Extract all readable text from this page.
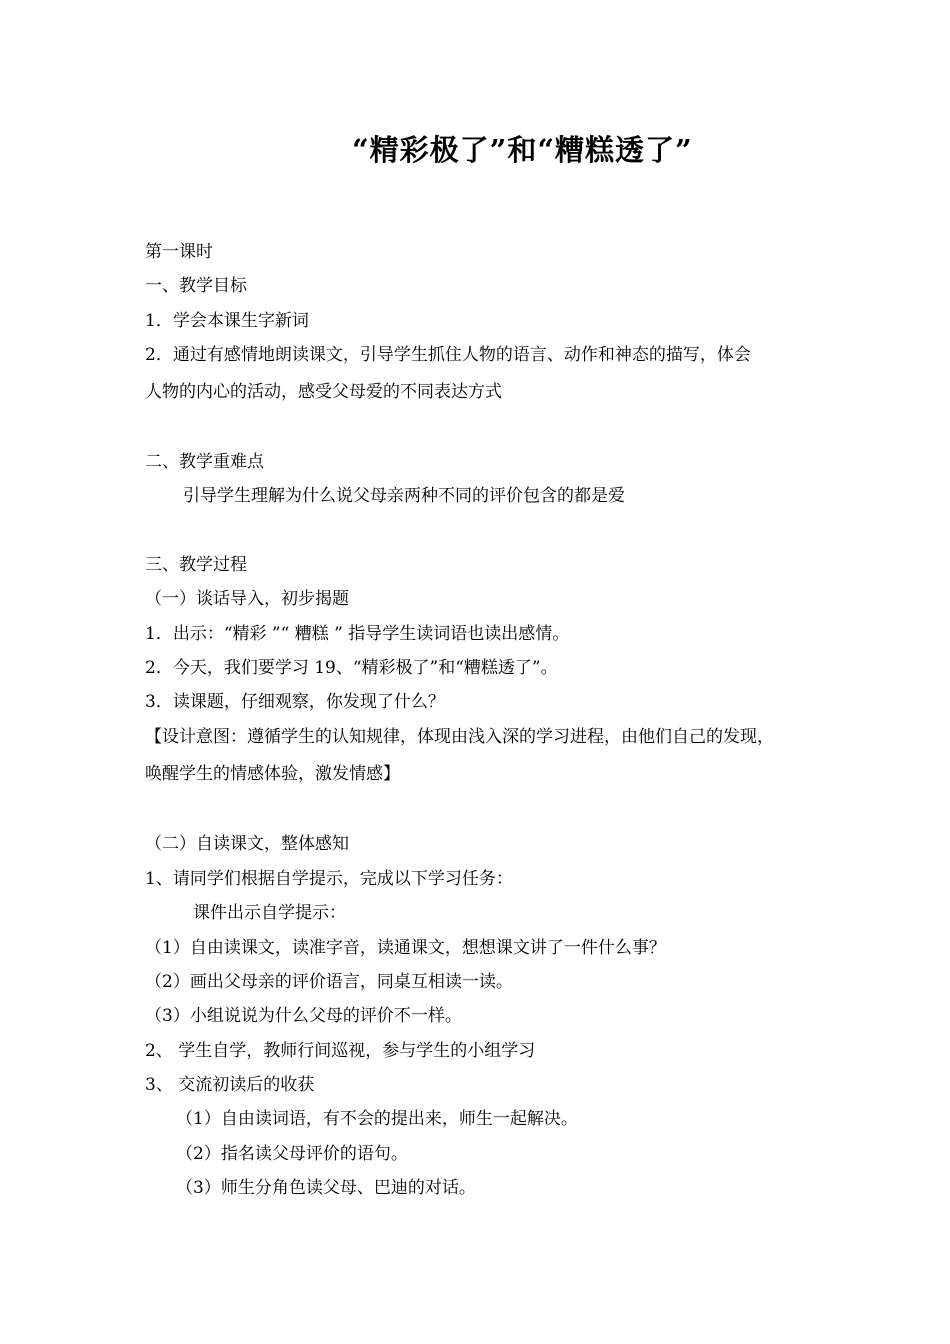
“精彩极了”和“糟糕透了”
第一课时
一、教学目标
1．学会本课生字新词
2．通过有感情地朗读课文，引导学生抓住人物的语言、动作和神态的描写，体会
人物的内心的活动，感受父母爱的不同表达方式
二、教学重难点
引导学生理解为什么说父母亲两种不同的评价包含的都是爱
三、教学过程
（一）谈话导入，初步揭题
1．出示：“精彩 ”“ 糟糕 ” 指导学生读词语也读出感情。
2．今天，我们要学习 19、“精彩极了”和“糟糕透了”。
3．读课题，仔细观察，你发现了什么？
【设计意图：遵循学生的认知规律，体现由浅入深的学习进程，由他们自己的发现，
唤醒学生的情感体验，激发情感】
（二）自读课文，整体感知
1、请同学们根据自学提示，完成以下学习任务：
课件出示自学提示：
（1）自由读课文，读准字音，读通课文，想想课文讲了一件什么事？
（2）画出父母亲的评价语言，同桌互相读一读。
（3）小组说说为什么父母的评价不一样。
2、 学生自学，教师行间巡视，参与学生的小组学习
3、 交流初读后的收获
（1）自由读词语，有不会的提出来，师生一起解决。
（2）指名读父母评价的语句。
（3）师生分角色读父母、巴迪的对话。
